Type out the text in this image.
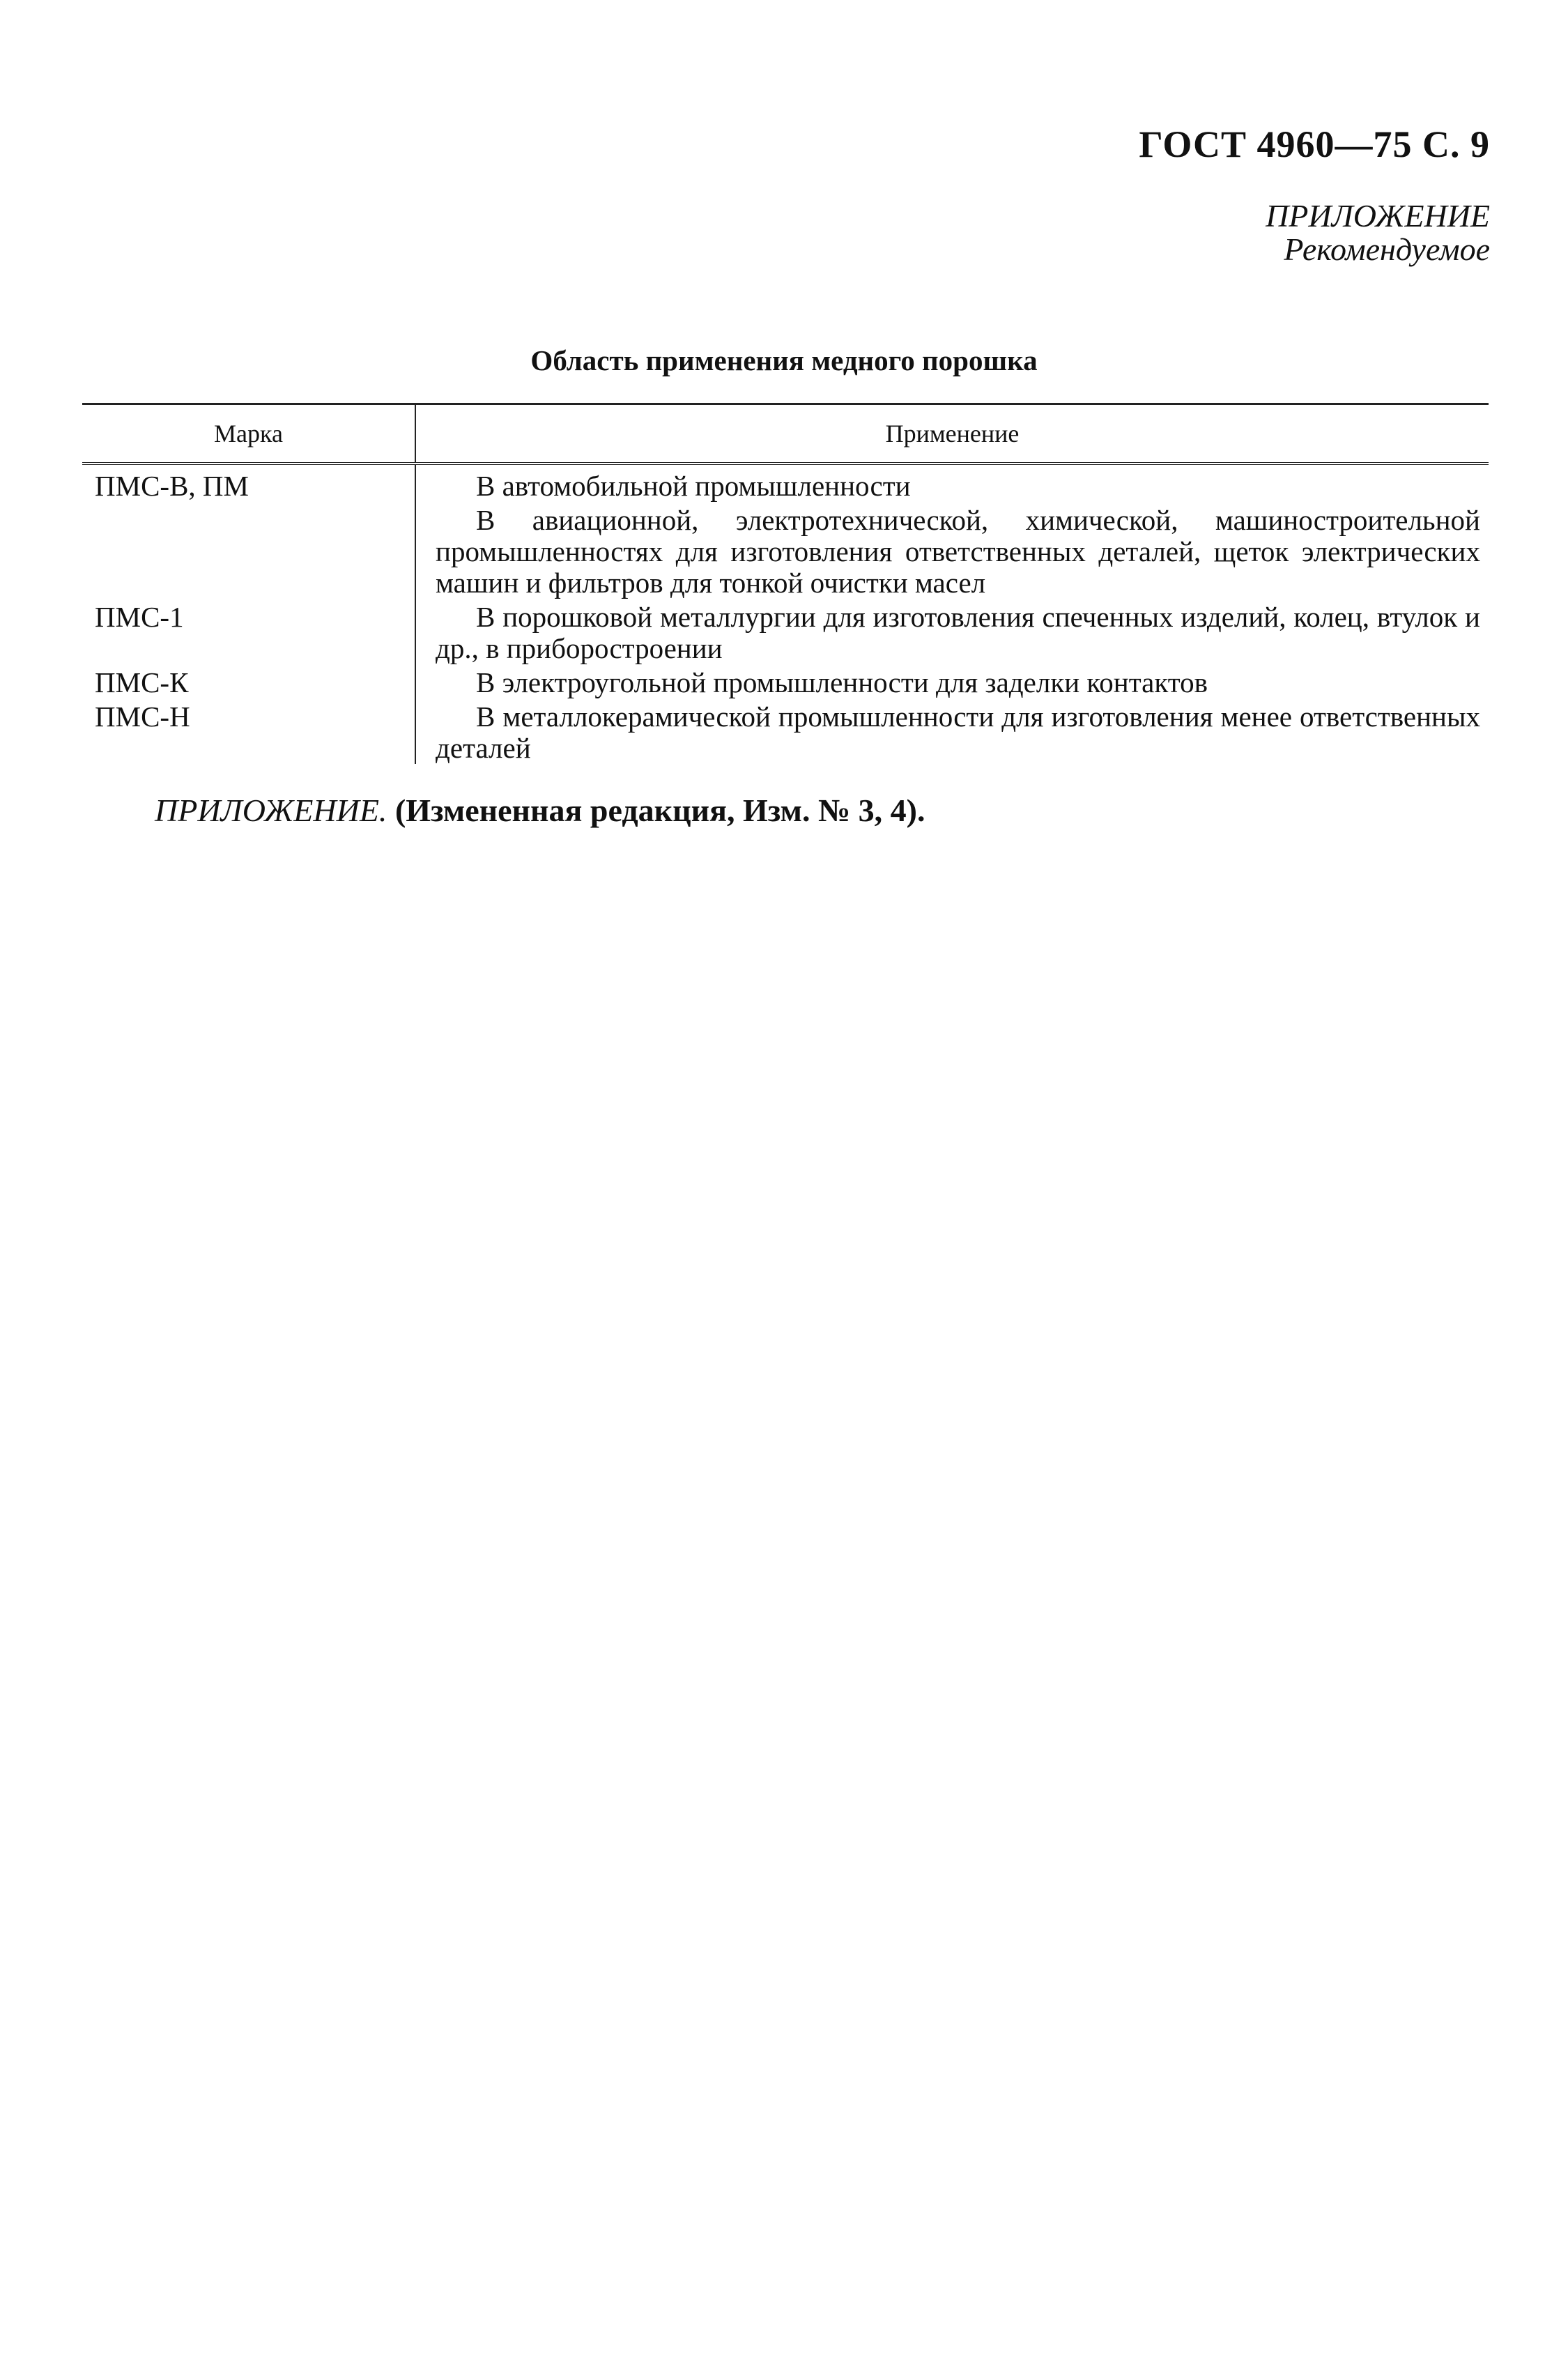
ГОСТ 4960—75 С. 9
ПРИЛОЖЕНИЕ
Рекомендуемое
Область применения медного порошка
Марка	Применение
ПМС-В, ПМ	В автомобильной промышленности
	В авиационной, электротехнической, химической, машиностроительной промышленностях для изготовления ответственных деталей, щеток электрических машин и фильтров для тонкой очистки масел
ПМС-1	В порошковой металлургии для изготовления спеченных изделий, колец, втулок и др., в приборостроении
ПМС-К	В электроугольной промышленности для заделки контактов
ПМС-Н	В металлокерамической промышленности для изготовления менее ответственных деталей
ПРИЛОЖЕНИЕ. (Измененная редакция, Изм. № 3, 4).
